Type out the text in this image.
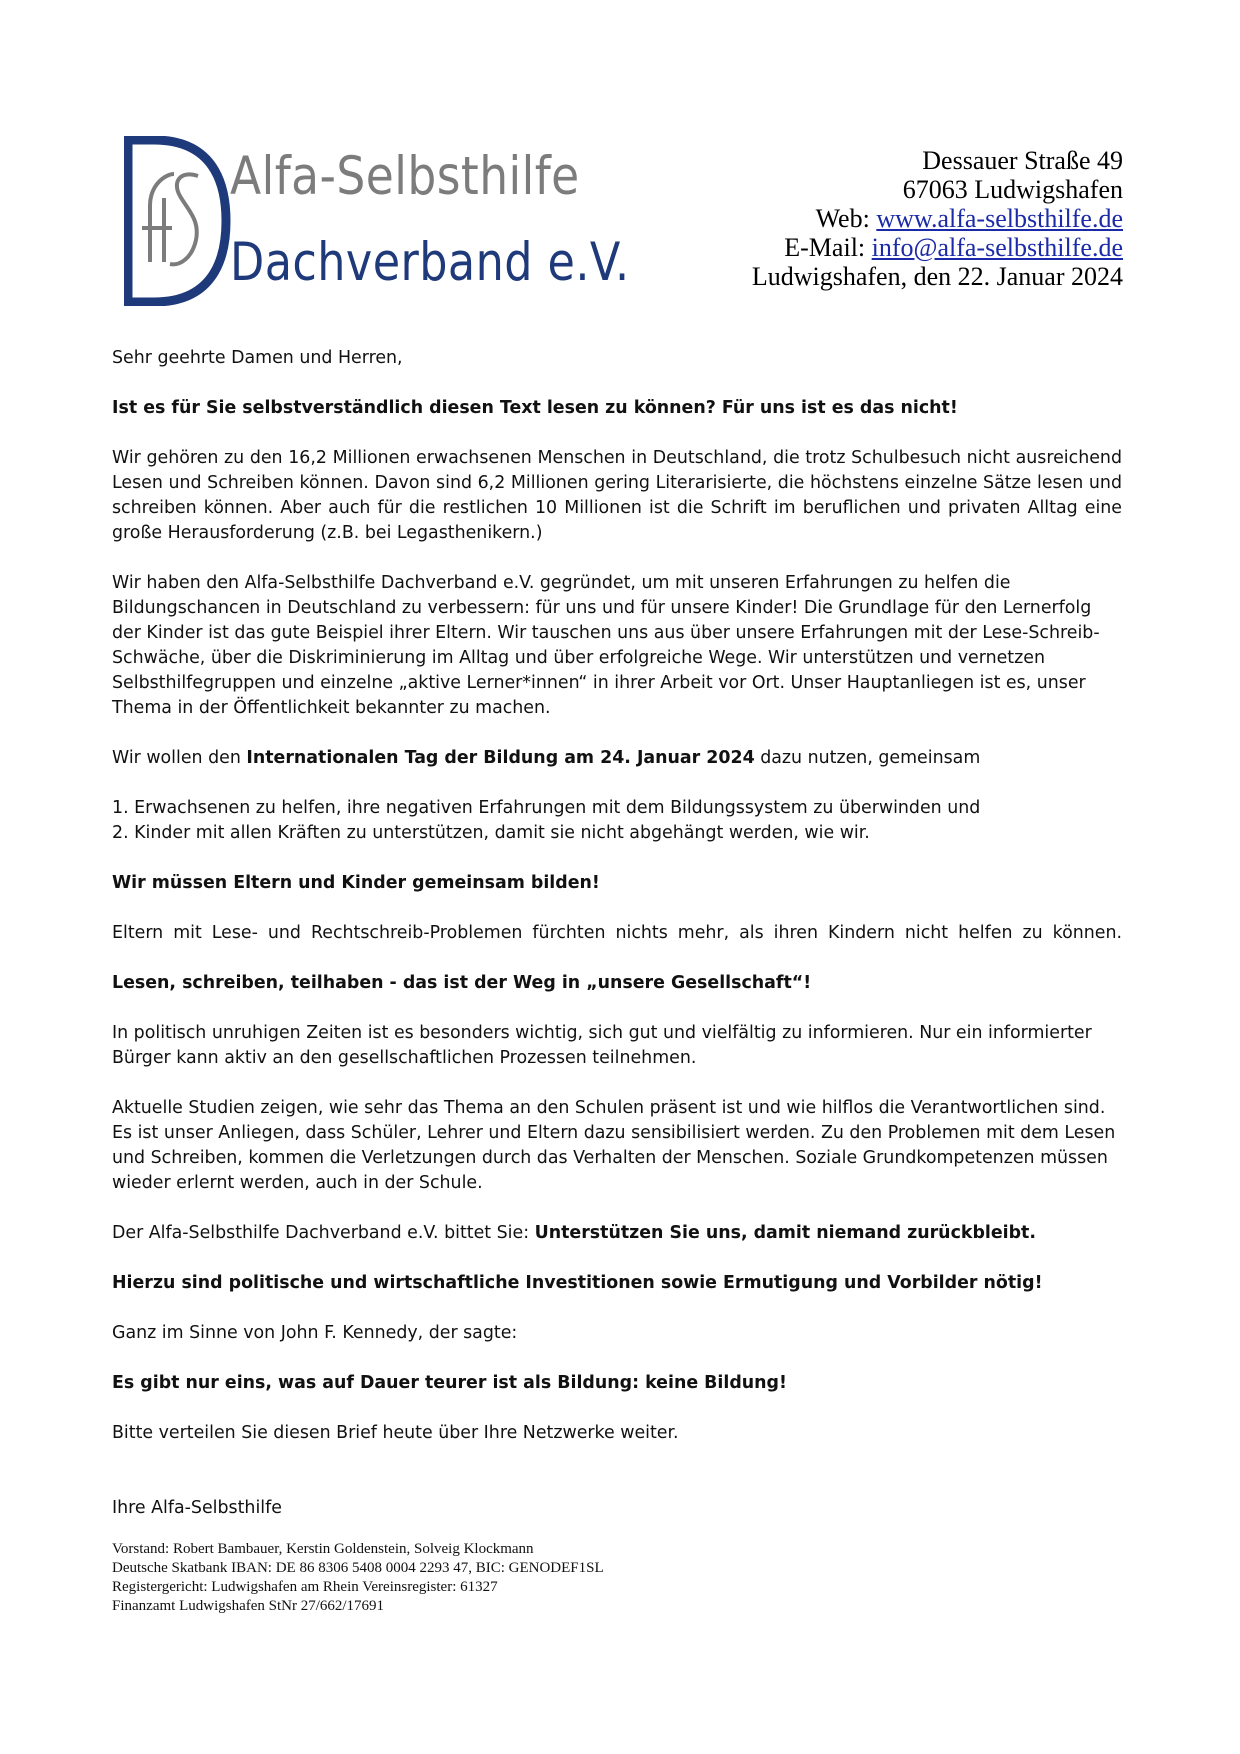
Alfa-Selbsthilfe
Dachverband e.V.
Dessauer Straße 49
67063 Ludwigshafen
Web: www.alfa-selbsthilfe.de
E-Mail: info@alfa-selbsthilfe.de
Ludwigshafen, den 22. Januar 2024

Sehr geehrte Damen und Herren,

Ist es für Sie selbstverständlich diesen Text lesen zu können? Für uns ist es das nicht!

Wir gehören zu den 16,2 Millionen erwachsenen Menschen in Deutschland, die trotz Schulbesuch nicht ausreichend Lesen und Schreiben können. Davon sind 6,2 Millionen gering Literarisierte, die höchstens einzelne Sätze lesen und schreiben können. Aber auch für die restlichen 10 Millionen ist die Schrift im beruflichen und privaten Alltag eine große Herausforderung (z.B. bei Legasthenikern.)

Wir haben den Alfa-Selbsthilfe Dachverband e.V. gegründet, um mit unseren Erfahrungen zu helfen die Bildungschancen in Deutschland zu verbessern: für uns und für unsere Kinder! Die Grundlage für den Lernerfolg der Kinder ist das gute Beispiel ihrer Eltern. Wir tauschen uns aus über unsere Erfahrungen mit der Lese-Schreib-Schwäche, über die Diskriminierung im Alltag und über erfolgreiche Wege. Wir unterstützen und vernetzen Selbsthilfegruppen und einzelne „aktive Lerner*innen“ in ihrer Arbeit vor Ort. Unser Hauptanliegen ist es, unser Thema in der Öffentlichkeit bekannter zu machen.

Wir wollen den Internationalen Tag der Bildung am 24. Januar 2024 dazu nutzen, gemeinsam

1. Erwachsenen zu helfen, ihre negativen Erfahrungen mit dem Bildungssystem zu überwinden und
2. Kinder mit allen Kräften zu unterstützen, damit sie nicht abgehängt werden, wie wir.

Wir müssen Eltern und Kinder gemeinsam bilden!

Eltern mit Lese- und Rechtschreib-Problemen fürchten nichts mehr, als ihren Kindern nicht helfen zu können.

Lesen, schreiben, teilhaben - das ist der Weg in „unsere Gesellschaft“!

In politisch unruhigen Zeiten ist es besonders wichtig, sich gut und vielfältig zu informieren. Nur ein informierter Bürger kann aktiv an den gesellschaftlichen Prozessen teilnehmen.

Aktuelle Studien zeigen, wie sehr das Thema an den Schulen präsent ist und wie hilflos die Verantwortlichen sind. Es ist unser Anliegen, dass Schüler, Lehrer und Eltern dazu sensibilisiert werden. Zu den Problemen mit dem Lesen und Schreiben, kommen die Verletzungen durch das Verhalten der Menschen. Soziale Grundkompetenzen müssen wieder erlernt werden, auch in der Schule.

Der Alfa-Selbsthilfe Dachverband e.V. bittet Sie: Unterstützen Sie uns, damit niemand zurückbleibt.

Hierzu sind politische und wirtschaftliche Investitionen sowie Ermutigung und Vorbilder nötig!

Ganz im Sinne von John F. Kennedy, der sagte:

Es gibt nur eins, was auf Dauer teurer ist als Bildung: keine Bildung!

Bitte verteilen Sie diesen Brief heute über Ihre Netzwerke weiter.

Ihre Alfa-Selbsthilfe

Vorstand: Robert Bambauer, Kerstin Goldenstein, Solveig Klockmann
Deutsche Skatbank IBAN: DE 86 8306 5408 0004 2293 47, BIC: GENODEF1SL
Registergericht: Ludwigshafen am Rhein Vereinsregister: 61327
Finanzamt Ludwigshafen StNr 27/662/17691
